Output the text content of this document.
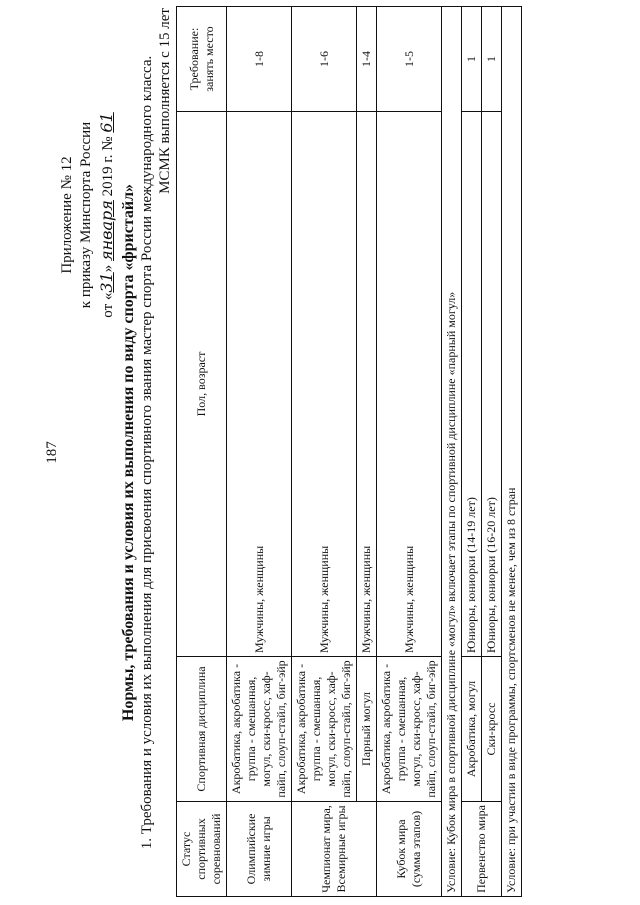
187
Приложение № 12 к приказу Минспорта России от «31» января 2019 г. № 61
Нормы, требования и условия их выполнения по виду спорта «фристайл» 1. Требования и условия их выполнения для присвоения спортивного звания мастер спорта России международного класса. МСМК выполняется с 15 лет
Статус спортивных соревнований	Спортивная дисциплина	Пол, возраст	Требование: занять место
Олимпийские зимние игры	Акробатика, акробатика - группа - смешанная, могул, ски-кросс, хаф-пайп, слоуп-стайл, биг-эйр	Мужчины, женщины	1-8
Чемпионат мира, Всемирные игры	Акробатика, акробатика - группа - смешанная, могул, ски-кросс, хаф-пайп, слоуп-стайл, биг-эйр	Мужчины, женщины	1-6
	Парный могул	Мужчины, женщины	1-4
Кубок мира (сумма этапов)	Акробатика, акробатика - группа - смешанная, могул, ски-кросс, хаф-пайп, слоуп-стайл, биг-эйр	Мужчины, женщины	1-5
Условие: Кубок мира в спортивной дисциплине «могул» включает этапы по спортивной дисциплине «парный могул»			
Первенство мира	Акробатика, могул	Юниоры, юниорки (14-19 лет)	1
	Ски-кросс	Юниоры, юниорки (16-20 лет)	1
Условие: при участии в виде программы, спортсменов не менее, чем из 8 стран			
